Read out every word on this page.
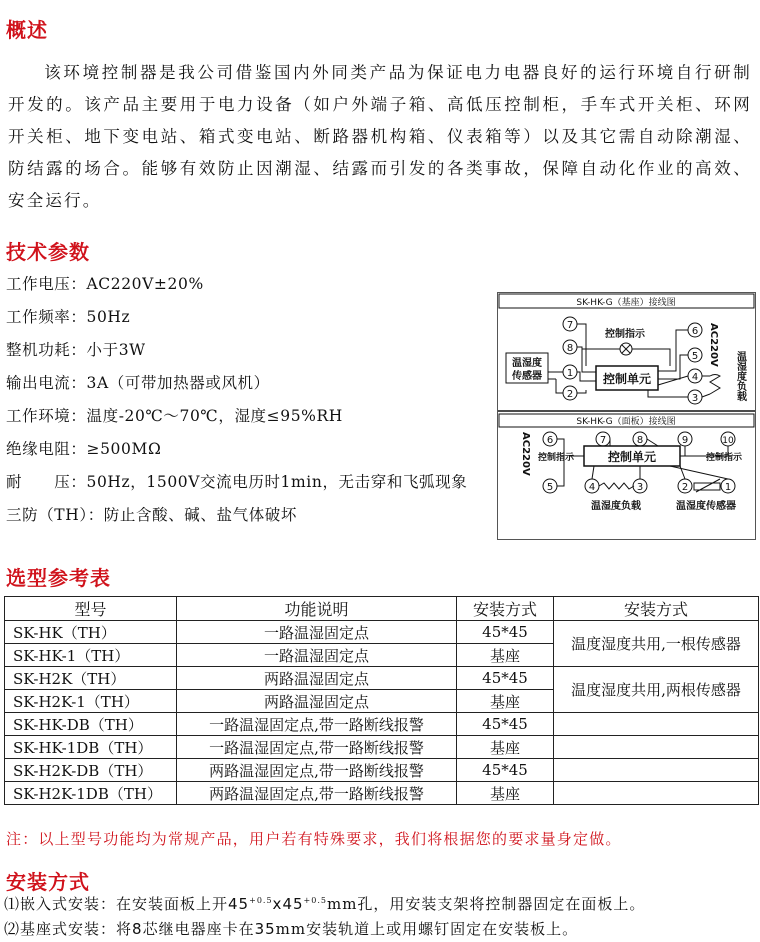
概述

该环境控制器是我公司借鉴国内外同类产品为保证电力电器良好的运行环境自行研制开发的。该产品主要用于电力设备（如户外端子箱、高低压控制柜，手车式开关柜、环网开关柜、地下变电站、箱式变电站、断路器机构箱、仪表箱等）以及其它需自动除潮湿、防结露的场合。能够有效防止因潮湿、结露而引发的各类事故，保障自动化作业的高效、安全运行。

技术参数
工作电压：AC220V±20%
工作频率：50Hz
整机功耗：小于3W
输出电流：3A（可带加热器或风机）
工作环境：温度-20℃～70℃，湿度≤95%RH
绝缘电阻：≥500MΩ
耐　　压：50Hz，1500V交流电历时1min，无击穿和飞弧现象
三防（TH）：防止含酸、碱、盐气体破坏
SK-HK-G（基座）接线图
控制指示
控制单元
温湿度
传感器
AC220V
温湿度负载
SK-HK-G（面板）接线图
AC220V 控制指示	控制单元	控制指示
温湿度负载	温湿度传感器
7
8
1
2
6
5
4
3
6	7	8	9	10
5	4	3	2	1
选型参考表
型号	功能说明	安装方式	安装方式
SK-HK（TH）	一路温湿固定点	45*45	温度湿度共用,一根传感器
SK-HK-1（TH）	一路温湿固定点	基座	
SK-H2K（TH）	两路温湿固定点	45*45	温度湿度共用,两根传感器
SK-H2K-1（TH）	两路温湿固定点	基座	
SK-HK-DB（TH）	一路温湿固定点,带一路断线报警	45*45	
SK-HK-1DB（TH）	一路温湿固定点,带一路断线报警	基座	
SK-H2K-DB（TH）	两路温湿固定点,带一路断线报警	45*45	
SK-H2K-1DB（TH）	两路温湿固定点,带一路断线报警	基座	
注：以上型号功能均为常规产品，用户若有特殊要求，我们将根据您的要求量身定做。
安装方式
⑴嵌入式安装：在安装面板上开$45^{+0.5}x45^{+0.5}mm$孔，用安装支架将控制器固定在面板上。
⑵基座式安装：将8芯继电器座卡在35mm安装轨道上或用螺钉固定在安装板上。
